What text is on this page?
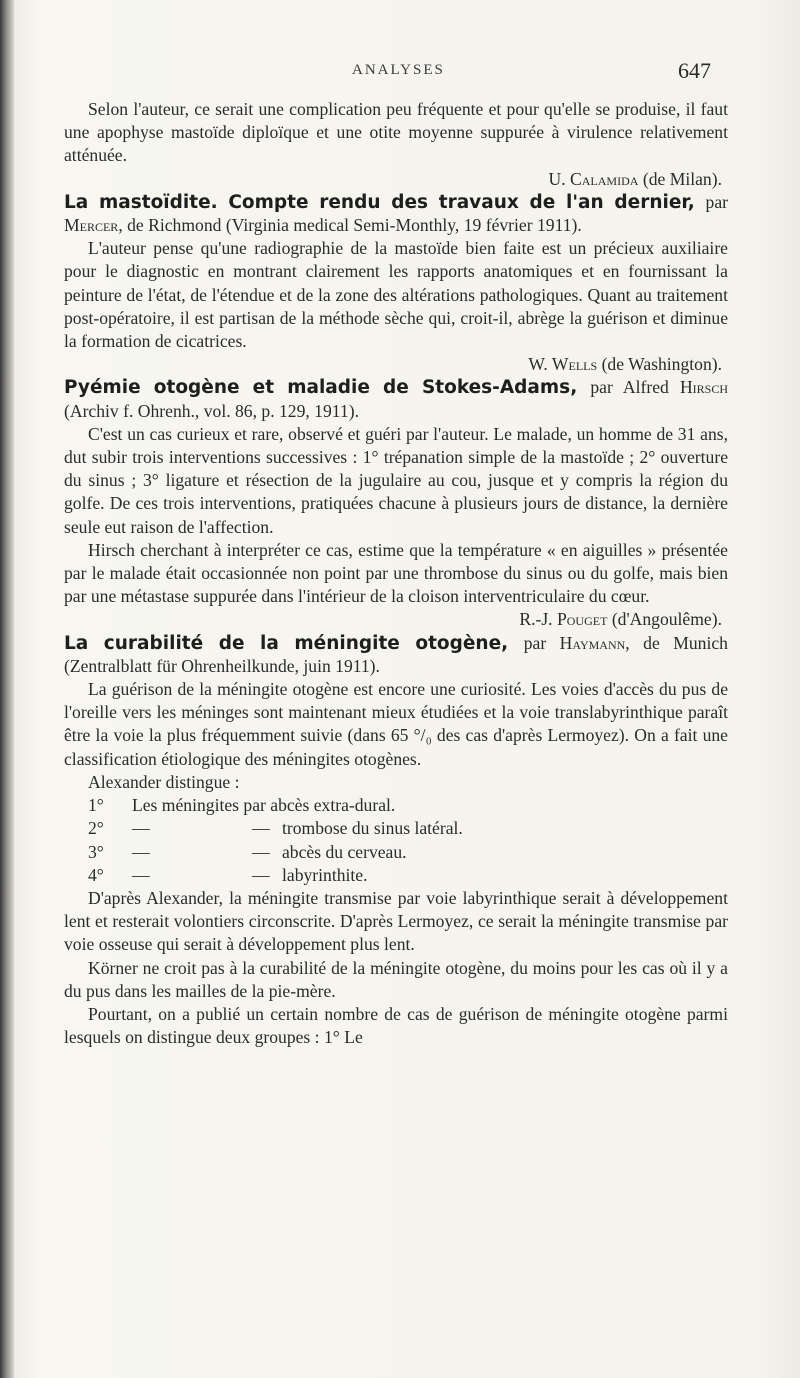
ANALYSES	647

Selon l'auteur, ce serait une complication peu fréquente et pour qu'elle se produise, il faut une apophyse mastoïde diploïque et une otite moyenne suppurée à virulence relativement atténuée.

U. Calamida (de Milan).

La mastoïdite. Compte rendu des travaux de l'an dernier, par Mercer, de Richmond (Virginia medical Semi-Monthly, 19 février 1911).

L'auteur pense qu'une radiographie de la mastoïde bien faite est un précieux auxiliaire pour le diagnostic en montrant clairement les rapports anatomiques et en fournissant la peinture de l'état, de l'étendue et de la zone des altérations pathologiques. Quant au traitement post-opératoire, il est partisan de la méthode sèche qui, croit-il, abrège la guérison et diminue la formation de cicatrices.

W. Wells (de Washington).

Pyémie otogène et maladie de Stokes-Adams, par Alfred Hirsch (Archiv f. Ohrenh., vol. 86, p. 129, 1911).

C'est un cas curieux et rare, observé et guéri par l'auteur. Le malade, un homme de 31 ans, dut subir trois interventions successives : 1° trépanation simple de la mastoïde ; 2° ouverture du sinus ; 3° ligature et résection de la jugulaire au cou, jusque et y compris la région du golfe. De ces trois interventions, pratiquées chacune à plusieurs jours de distance, la dernière seule eut raison de l'affection.

Hirsch cherchant à interpréter ce cas, estime que la température « en aiguilles » présentée par le malade était occasionnée non point par une thrombose du sinus ou du golfe, mais bien par une métastase suppurée dans l'intérieur de la cloison interventriculaire du cœur.

R.-J. Pouget (d'Angoulême).

La curabilité de la méningite otogène, par Haymann, de Munich (Zentralblatt für Ohrenheilkunde, juin 1911).

La guérison de la méningite otogène est encore une curiosité. Les voies d'accès du pus de l'oreille vers les méninges sont maintenant mieux étudiées et la voie translabyrinthique paraît être la voie la plus fréquemment suivie (dans 65 °/₀ des cas d'après Lermoyez). On a fait une classification étiologique des méningites otogènes.

Alexander distingue :

1°	Les méningites par abcès extra-dural.
2°	—	— trombose du sinus latéral.
3°	—	— abcès du cerveau.
4°	—	— labyrinthite.

D'après Alexander, la méningite transmise par voie labyrinthique serait à développement lent et resterait volontiers circonscrite. D'après Lermoyez, ce serait la méningite transmise par voie osseuse qui serait à développement plus lent.

Körner ne croit pas à la curabilité de la méningite otogène, du moins pour les cas où il y a du pus dans les mailles de la pie-mère.

Pourtant, on a publié un certain nombre de cas de guérison de méningite otogène parmi lesquels on distingue deux groupes : 1° Le
